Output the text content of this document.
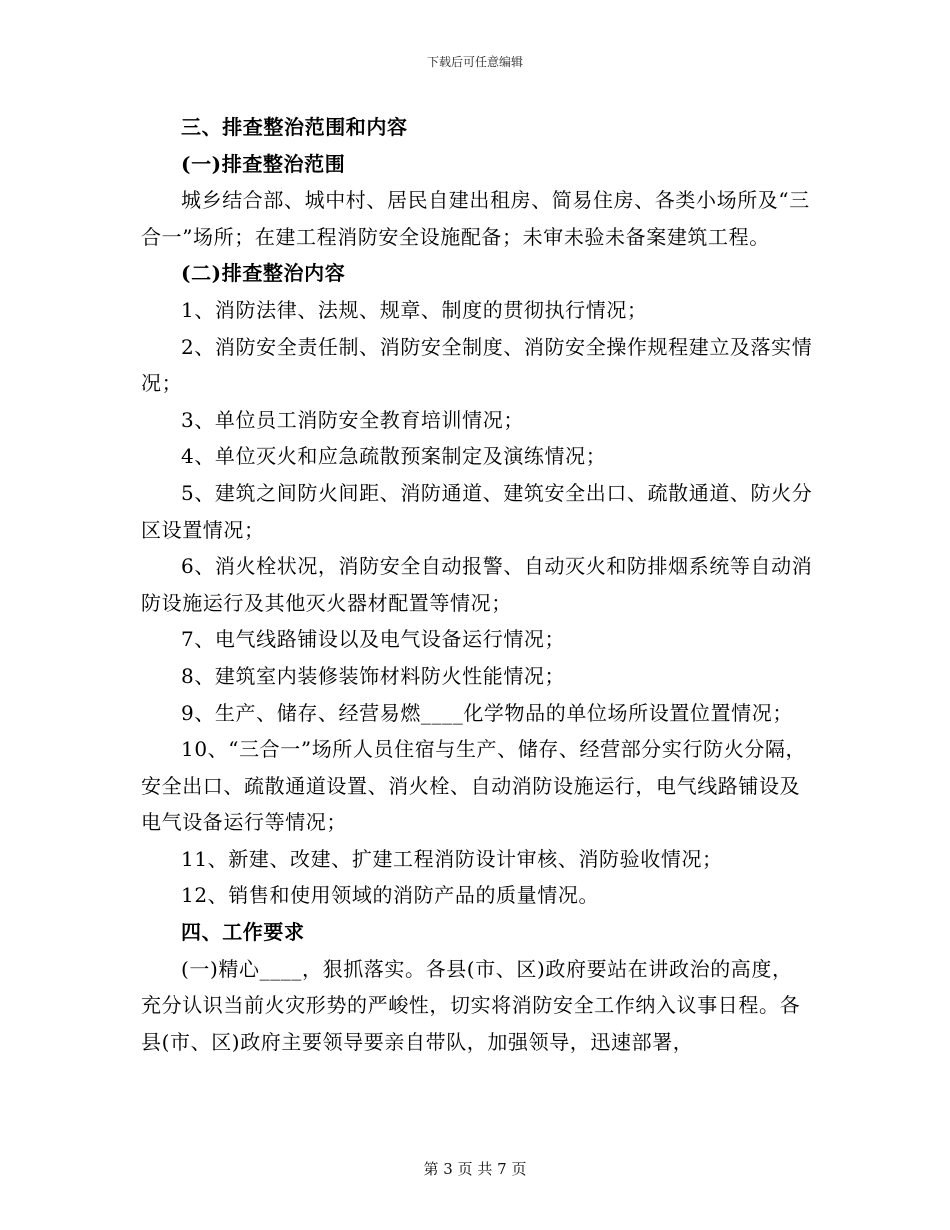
下载后可任意编辑

三、排查整治范围和内容

(一)排查整治范围

城乡结合部、城中村、居民自建出租房、简易住房、各类小场所及“三合一”场所；在建工程消防安全设施配备；未审未验未备案建筑工程。

(二)排查整治内容

1、消防法律、法规、规章、制度的贯彻执行情况；

2、消防安全责任制、消防安全制度、消防安全操作规程建立及落实情况；

3、单位员工消防安全教育培训情况；

4、单位灭火和应急疏散预案制定及演练情况；

5、建筑之间防火间距、消防通道、建筑安全出口、疏散通道、防火分区设置情况；

6、消火栓状况，消防安全自动报警、自动灭火和防排烟系统等自动消防设施运行及其他灭火器材配置等情况；

7、电气线路铺设以及电气设备运行情况；

8、建筑室内装修装饰材料防火性能情况；

9、生产、储存、经营易燃____化学物品的单位场所设置位置情况；

10、“三合一”场所人员住宿与生产、储存、经营部分实行防火分隔，安全出口、疏散通道设置、消火栓、自动消防设施运行，电气线路铺设及电气设备运行等情况；

11、新建、改建、扩建工程消防设计审核、消防验收情况；

12、销售和使用领域的消防产品的质量情况。

四、工作要求

(一)精心____，狠抓落实。各县(市、区)政府要站在讲政治的高度，充分认识当前火灾形势的严峻性，切实将消防安全工作纳入议事日程。各县(市、区)政府主要领导要亲自带队，加强领导，迅速部署，

第 3 页 共 7 页
